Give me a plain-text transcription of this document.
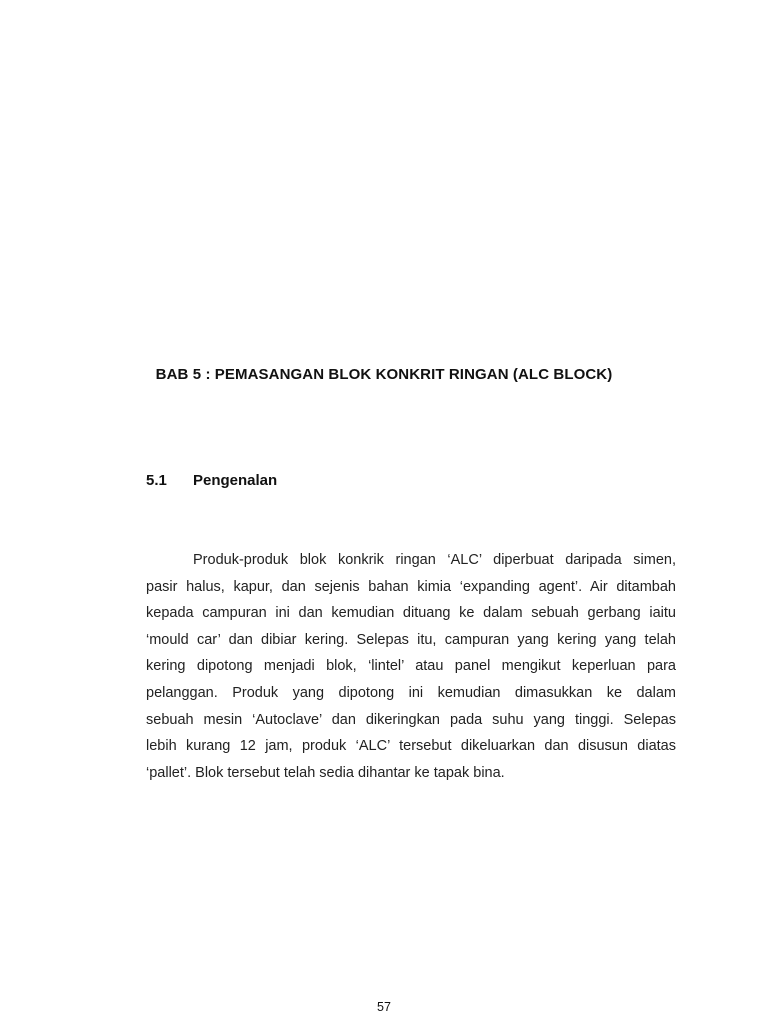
BAB 5 : PEMASANGAN BLOK KONKRIT RINGAN (ALC BLOCK)
5.1 Pengenalan
Produk-produk blok konkrik ringan ‘ALC’ diperbuat daripada simen,
pasir halus, kapur, dan sejenis bahan kimia ‘expanding agent’. Air ditambah
kepada campuran ini dan kemudian dituang ke dalam sebuah gerbang iaitu
‘mould car’ dan dibiar kering. Selepas itu, campuran yang kering yang telah
kering dipotong menjadi blok, ‘lintel’ atau panel mengikut keperluan para
pelanggan. Produk yang dipotong ini kemudian dimasukkan ke dalam
sebuah mesin ‘Autoclave’ dan dikeringkan pada suhu yang tinggi. Selepas
lebih kurang 12 jam, produk ‘ALC’ tersebut dikeluarkan dan disusun diatas
‘pallet’. Blok tersebut telah sedia dihantar ke tapak bina.
57
